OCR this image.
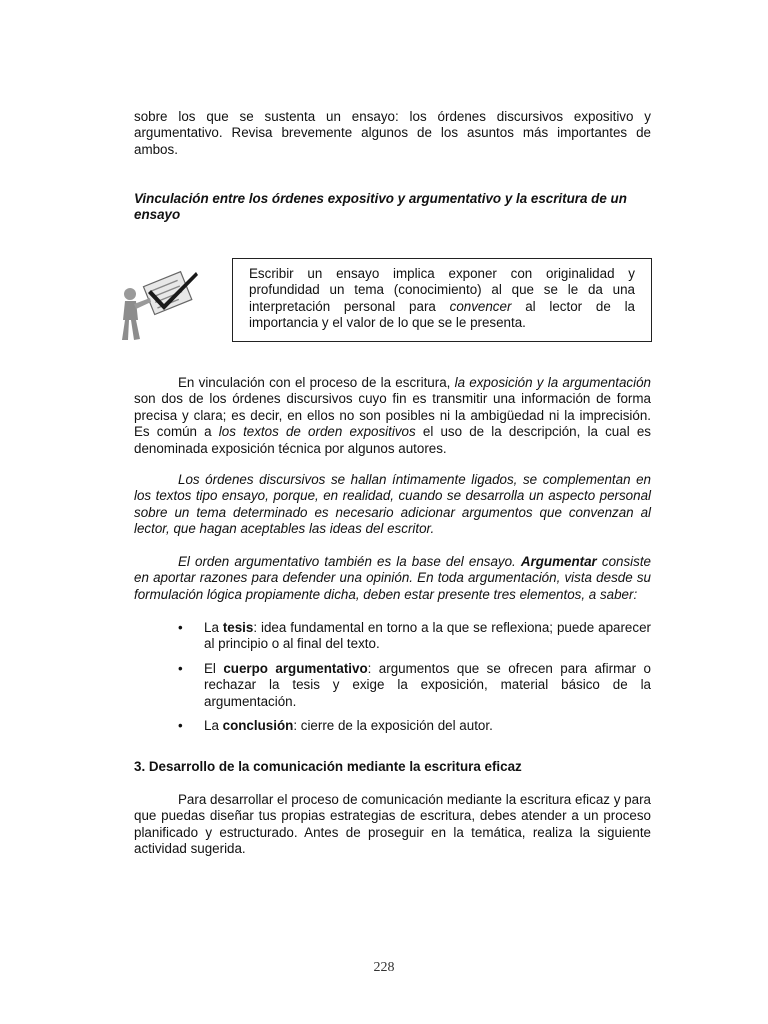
sobre los que se sustenta un ensayo: los órdenes discursivos expositivo y argumentativo. Revisa brevemente algunos de los asuntos más importantes de ambos.

Vinculación entre los órdenes expositivo y argumentativo y la escritura de un ensayo

Escribir un ensayo implica exponer con originalidad y profundidad un tema (conocimiento) al que se le da una interpretación personal para convencer al lector de la importancia y el valor de lo que se le presenta.

En vinculación con el proceso de la escritura, la exposición y la argumentación son dos de los órdenes discursivos cuyo fin es transmitir una información de forma precisa y clara; es decir, en ellos no son posibles ni la ambigüedad ni la imprecisión. Es común a los textos de orden expositivos el uso de la descripción, la cual es denominada exposición técnica por algunos autores.

Los órdenes discursivos se hallan íntimamente ligados, se complementan en los textos tipo ensayo, porque, en realidad, cuando se desarrolla un aspecto personal sobre un tema determinado es necesario adicionar argumentos que convenzan al lector, que hagan aceptables las ideas del escritor.

El orden argumentativo también es la base del ensayo. Argumentar consiste en aportar razones para defender una opinión. En toda argumentación, vista desde su formulación lógica propiamente dicha, deben estar presente tres elementos, a saber:

• La tesis: idea fundamental en torno a la que se reflexiona; puede aparecer al principio o al final del texto.
• El cuerpo argumentativo: argumentos que se ofrecen para afirmar o rechazar la tesis y exige la exposición, material básico de la argumentación.
• La conclusión: cierre de la exposición del autor.

3. Desarrollo de la comunicación mediante la escritura eficaz

Para desarrollar el proceso de comunicación mediante la escritura eficaz y para que puedas diseñar tus propias estrategias de escritura, debes atender a un proceso planificado y estructurado. Antes de proseguir en la temática, realiza la siguiente actividad sugerida.

228
